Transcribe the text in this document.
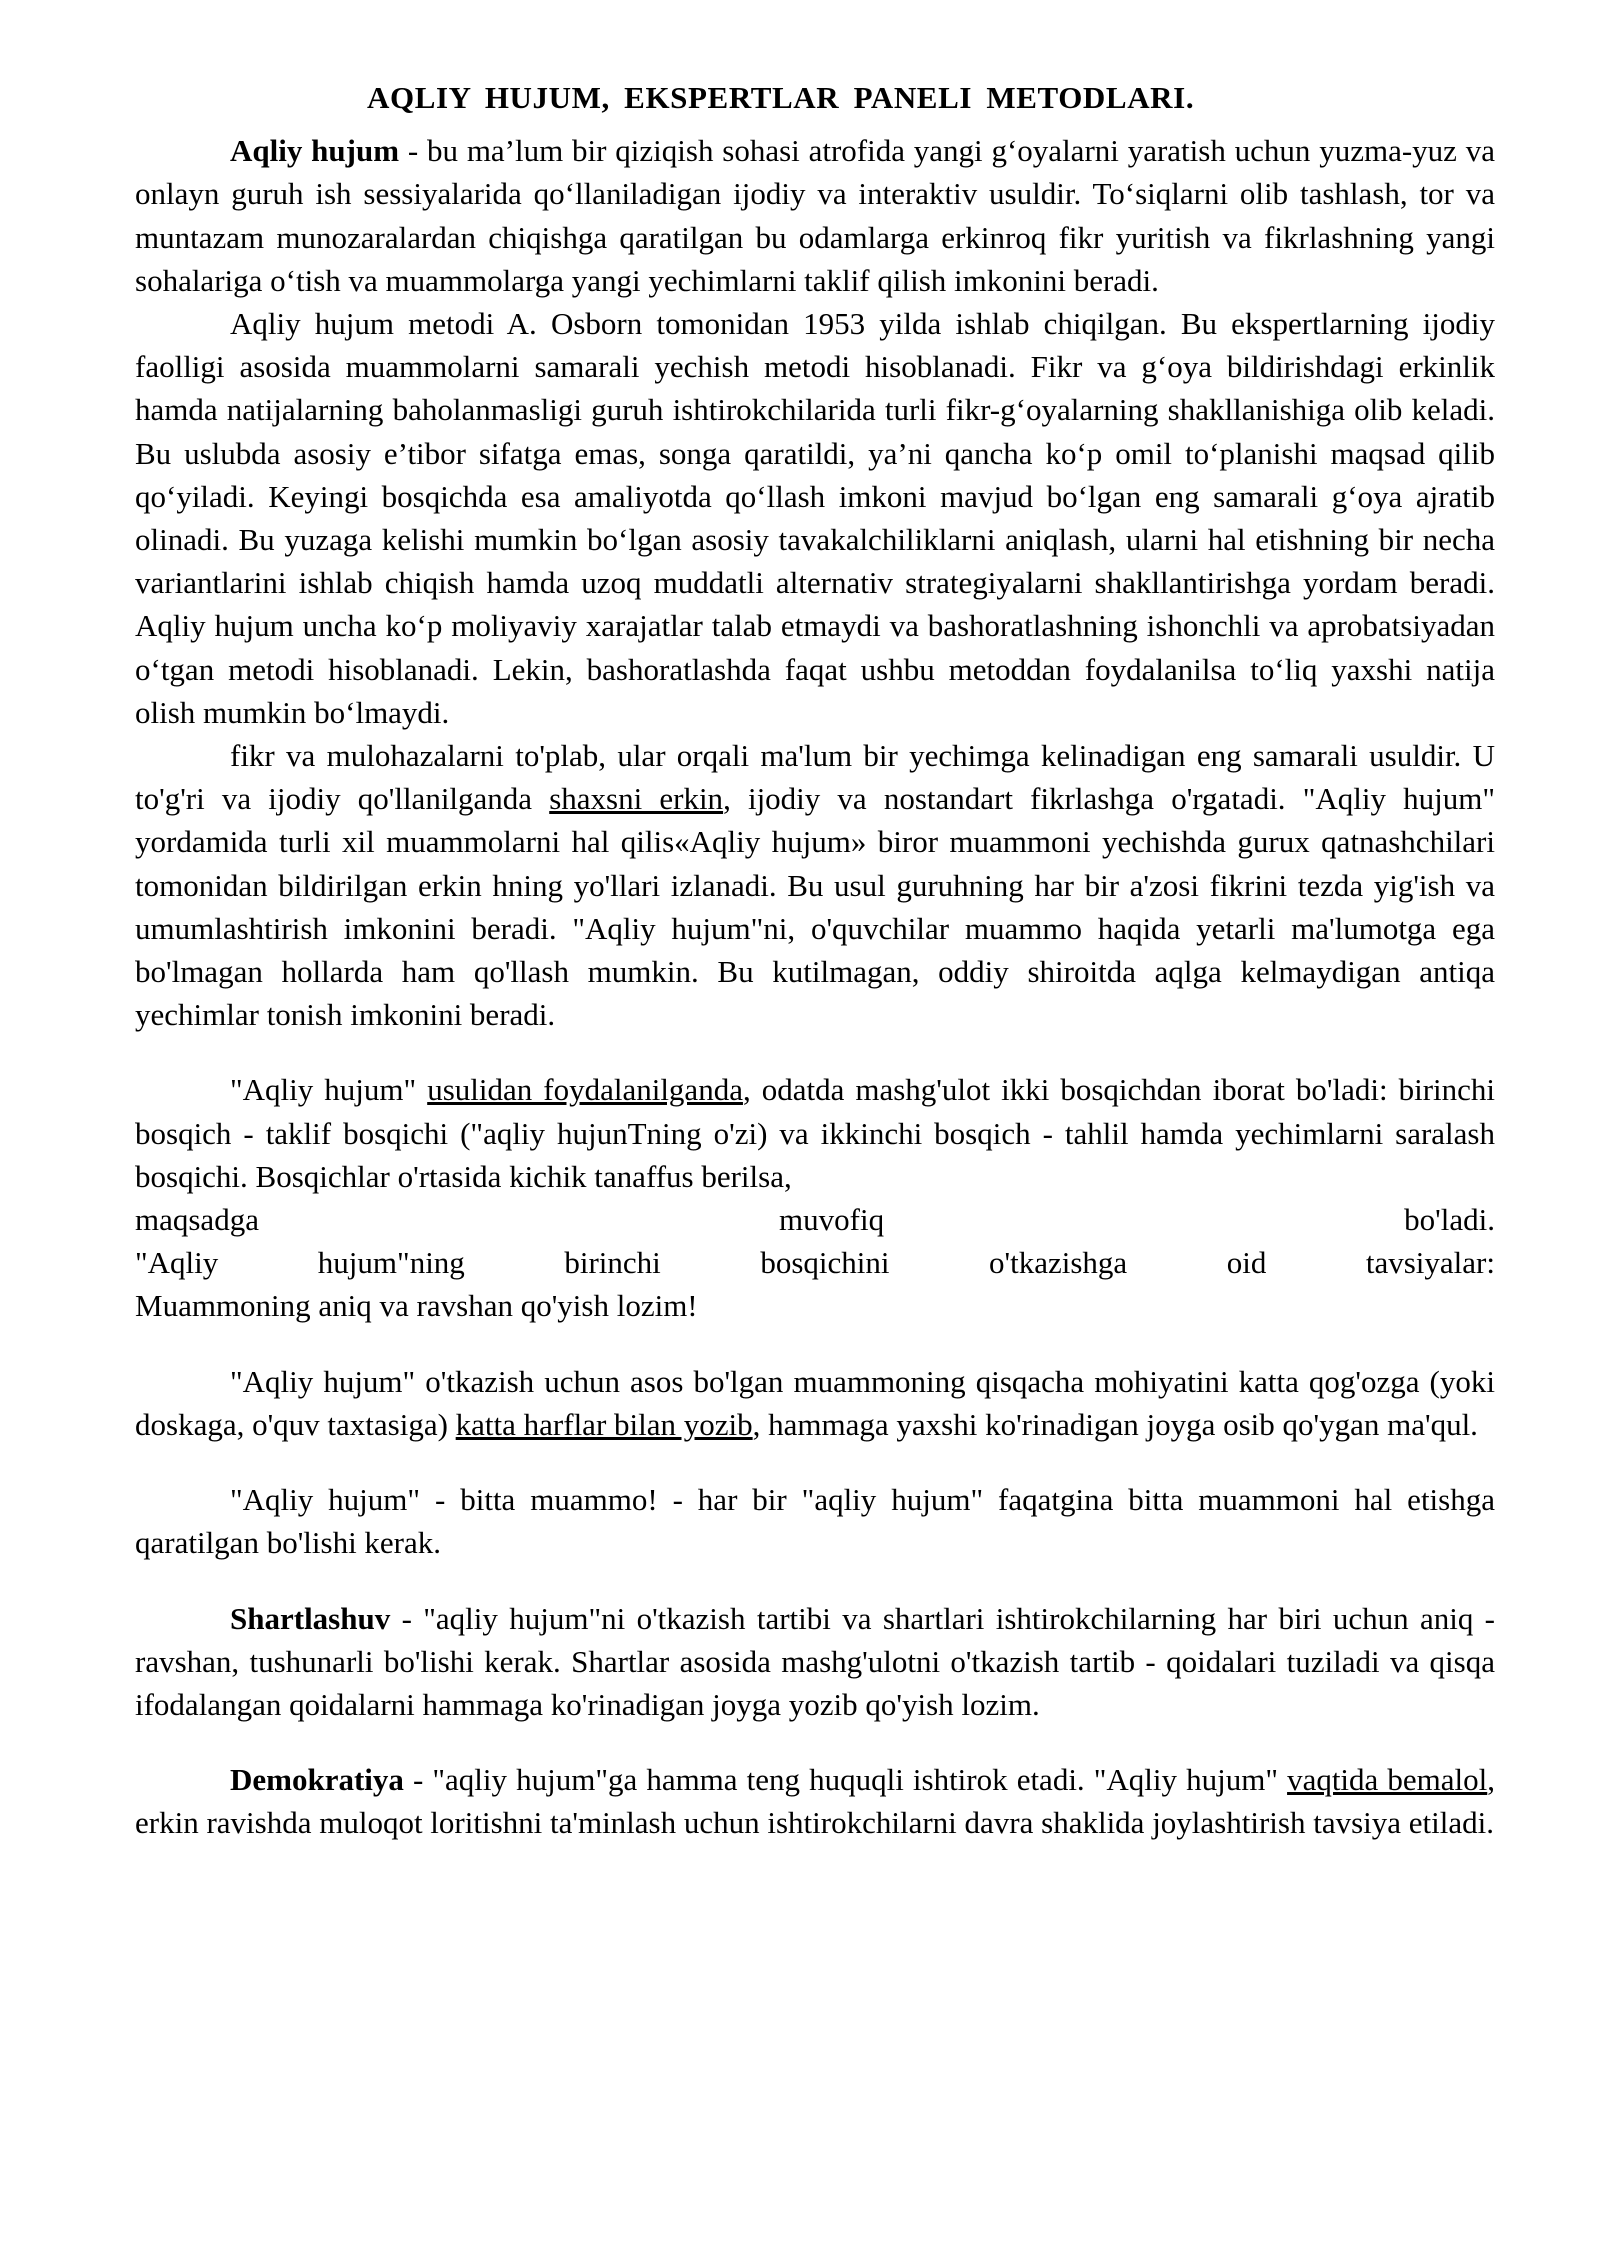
AQLIY HUJUM, EKSPERTLAR PANELI METODLARI.

Aqliy hujum - bu ma’lum bir qiziqish sohasi atrofida yangi g‘oyalarni yaratish uchun yuzma-yuz va onlayn guruh ish sessiyalarida qo‘llaniladigan ijodiy va interaktiv usuldir. To‘siqlarni olib tashlash, tor va muntazam munozaralardan chiqishga qaratilgan bu odamlarga erkinroq fikr yuritish va fikrlashning yangi sohalariga o‘tish va muammolarga yangi yechimlarni taklif qilish imkonini beradi.

Aqliy hujum metodi A. Osborn tomonidan 1953 yilda ishlab chiqilgan. Bu ekspertlarning ijodiy faolligi asosida muammolarni samarali yechish metodi hisoblanadi. Fikr va g‘oya bildirishdagi erkinlik hamda natijalarning baholanmasligi guruh ishtirokchilarida turli fikr-g‘oyalarning shakllanishiga olib keladi. Bu uslubda asosiy e’tibor sifatga emas, songa qaratildi, ya’ni qancha ko‘p omil to‘planishi maqsad qilib qo‘yiladi. Keyingi bosqichda esa amaliyotda qo‘llash imkoni mavjud bo‘lgan eng samarali g‘oya ajratib olinadi. Bu yuzaga kelishi mumkin bo‘lgan asosiy tavakalchiliklarni aniqlash, ularni hal etishning bir necha variantlarini ishlab chiqish hamda uzoq muddatli alternativ strategiyalarni shakllantirishga yordam beradi. Aqliy hujum uncha ko‘p moliyaviy xarajatlar talab etmaydi va bashoratlashning ishonchli va aprobatsiyadan o‘tgan metodi hisoblanadi. Lekin, bashoratlashda faqat ushbu metoddan foydalanilsa to‘liq yaxshi natija olish mumkin bo‘lmaydi.

fikr va mulohazalarni to'plab, ular orqali ma'lum bir yechimga kelinadigan eng samarali usuldir. U to'g'ri va ijodiy qo'llanilganda shaxsni erkin, ijodiy va nostandart fikrlashga o'rgatadi. "Aqliy hujum" yordamida turli xil muammolarni hal qilis«Aqliy hujum» biror muammoni yechishda gurux qatnashchilari tomonidan bildirilgan erkin hning yo'llari izlanadi. Bu usul guruhning har bir a'zosi fikrini tezda yig'ish va umumlashtirish imkonini beradi. "Aqliy hujum"ni, o'quvchilar muammo haqida yetarli ma'lumotga ega bo'lmagan hollarda ham qo'llash mumkin. Bu kutilmagan, oddiy shiroitda aqlga kelmaydigan antiqa yechimlar tonish imkonini beradi.

"Aqliy hujum" usulidan foydalanilganda, odatda mashg'ulot ikki bosqichdan iborat bo'ladi: birinchi bosqich - taklif bosqichi ("aqliy hujunTning o'zi) va ikkinchi bosqich - tahlil hamda yechimlarni saralash bosqichi. Bosqichlar o'rtasida kichik tanaffus berilsa,
maqsadga muvofiq bo'ladi.
"Aqliy hujum"ning birinchi bosqichini o'tkazishga oid tavsiyalar:
Muammoning aniq va ravshan qo'yish lozim!

"Aqliy hujum" o'tkazish uchun asos bo'lgan muammoning qisqacha mohiyatini katta qog'ozga (yoki doskaga, o'quv taxtasiga) katta harflar bilan yozib, hammaga yaxshi ko'rinadigan joyga osib qo'ygan ma'qul.

"Aqliy hujum" - bitta muammo! - har bir "aqliy hujum" faqatgina bitta muammoni hal etishga qaratilgan bo'lishi kerak.

Shartlashuv - "aqliy hujum"ni o'tkazish tartibi va shartlari ishtirokchilarning har biri uchun aniq - ravshan, tushunarli bo'lishi kerak. Shartlar asosida mashg'ulotni o'tkazish tartib - qoidalari tuziladi va qisqa ifodalangan qoidalarni hammaga ko'rinadigan joyga yozib qo'yish lozim.

Demokratiya - "aqliy hujum"ga hamma teng huquqli ishtirok etadi. "Aqliy hujum" vaqtida bemalol, erkin ravishda muloqot loritishni ta'minlash uchun ishtirokchilarni davra shaklida joylashtirish tavsiya etiladi.
